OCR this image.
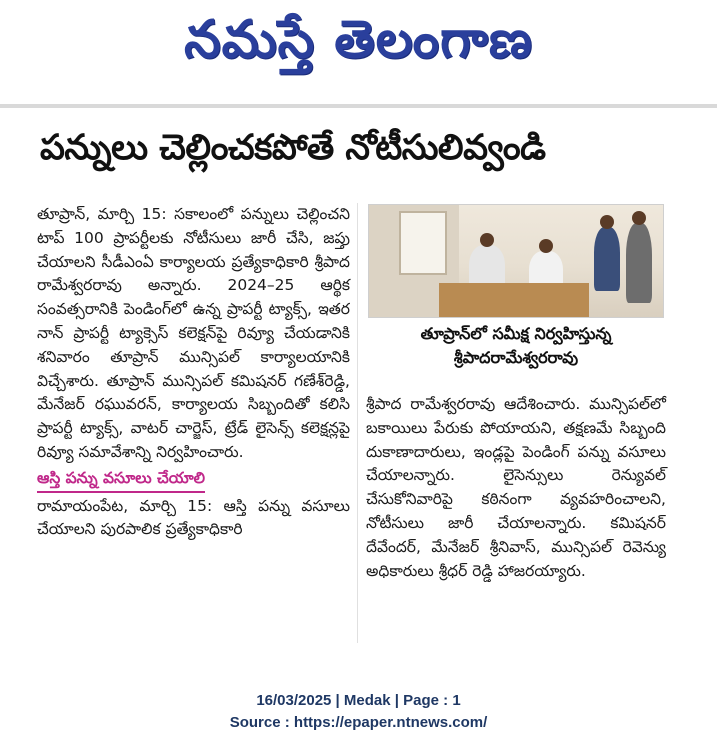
నమస్తే తెలంగాణ
పన్నులు చెల్లించకపోతే నోటీసులివ్వండి

తూప్రాన్, మార్చి 15: సకాలంలో పన్నులు చెల్లించని టాప్ 100 ప్రాపర్టీలకు నోటీసులు జారీ చేసి, జప్తు చేయాలని సీడీఎంఏ కార్యాలయ ప్రత్యేకాధికారి శ్రీపాద రామేశ్వరరావు అన్నారు. 2024–25 ఆర్థిక సంవత్సరానికి పెండింగ్‌లో ఉన్న ప్రాపర్టీ ట్యాక్స్, ఇతర నాన్ ప్రాపర్టీ ట్యాక్సెస్ కలెక్షన్‌పై రివ్యూ చేయడానికి శనివారం తూప్రాన్ మున్సిపల్ కార్యాలయానికి విచ్చేశారు. తూప్రాన్ మున్సిపల్ కమిషనర్ గణేశ్‌రెడ్డి, మేనేజర్ రఘువరన్, కార్యాలయ సిబ్బందితో కలిసి ప్రాపర్టీ ట్యాక్స్, వాటర్ చార్జెస్, ట్రేడ్ లైసెన్స్ కలెక్షన్లపై రివ్యూ సమావేశాన్ని నిర్వహించారు.

ఆస్తి పన్ను వసూలు చేయాలి

రామాయంపేట, మార్చి 15: ఆస్తి పన్ను వసూలు చేయాలని పురపాలిక ప్రత్యేకాధికారి

తూప్రాన్‌లో సమీక్ష నిర్వహిస్తున్న శ్రీపాదరామేశ్వరరావు

శ్రీపాద రామేశ్వరరావు ఆదేశించారు. మున్సిపల్‌లో బకాయిలు పేరుకు పోయాయని, తక్షణమే సిబ్బంది దుకాణాదారులు, ఇండ్లపై పెండింగ్ పన్ను వసూలు చేయాలన్నారు. లైసెన్సులు రెన్యువల్ చేసుకోనివారిపై కఠినంగా వ్యవహరించాలని, నోటీసులు జారీ చేయాలన్నారు. కమిషనర్ దేవేందర్, మేనేజర్ శ్రీనివాస్, మున్సిపల్ రెవెన్యు అధికారులు శ్రీధర్ రెడ్డి హాజరయ్యారు.

16/03/2025 | Medak | Page : 1
Source : https://epaper.ntnews.com/
